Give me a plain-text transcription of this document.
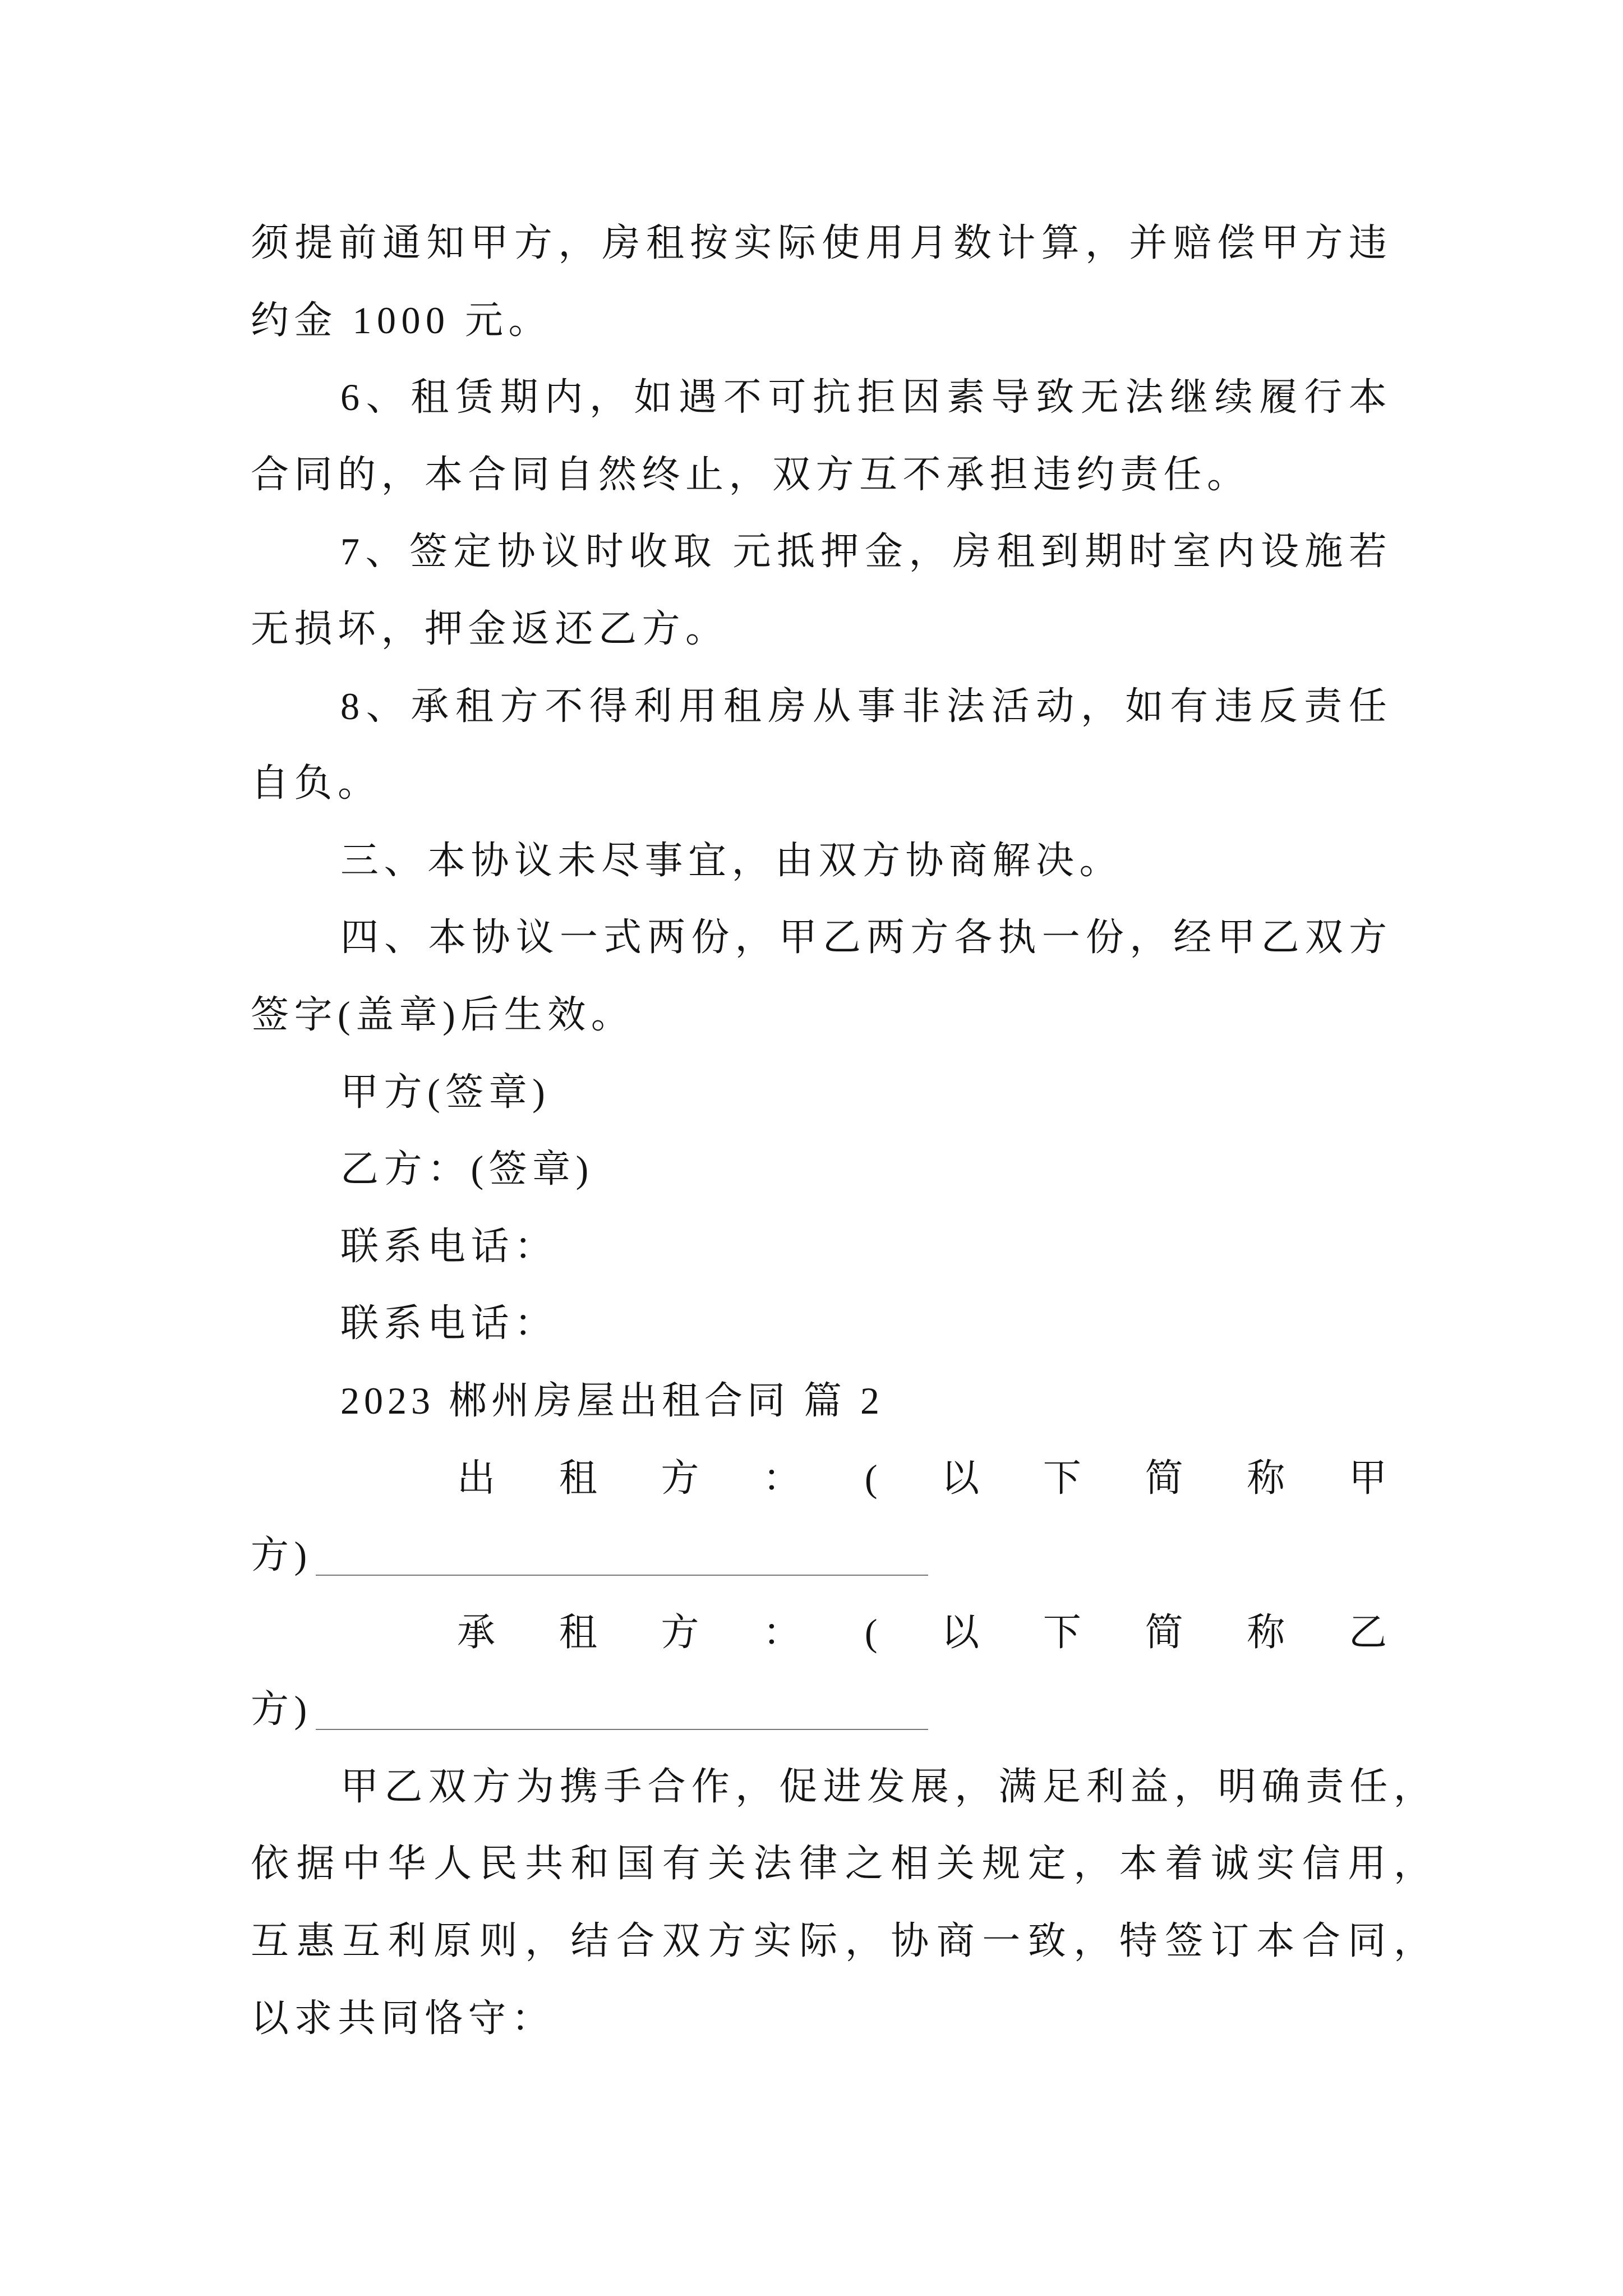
须 提 前 通 知 甲 方 ， 房 租 按 实 际 使 用 月 数 计 算 ， 并 赔 偿 甲 方 违
约金 1000 元。
6 、 租 赁 期 内 ， 如 遇 不 可 抗 拒 因 素 导 致 无 法 继 续 履 行 本
合同的，本合同自然终止，双方互不承担违约责任。
7 、 签 定 协 议 时 收 取
元 抵 押 金 ， 房 租 到 期 时 室 内 设 施 若
无损坏，押金返还乙方。
8 、 承 租 方 不 得 利 用 租 房 从 事 非 法 活 动 ， 如 有 违 反 责 任
自负。
三、本协议未尽事宜，由双方协商解决。
四 、 本 协 议 一 式 两 份 ， 甲 乙 两 方 各 执 一 份 ， 经 甲 乙 双 方
签字(盖章)后生效。
甲方(签章)
乙方：(签章)
联系电话：
联系电话：
2023 郴州房屋出租合同 篇 2
出 租 方 ： ( 以 下 简 称 甲
方)
承 租 方 ： ( 以 下 简 称 乙
方)
甲 乙 双 方 为 携 手 合 作 ， 促 进 发 展 ， 满 足 利 益 ， 明 确 责 任 ，
依 据 中 华 人 民 共 和 国 有 关 法 律 之 相 关 规 定 ， 本 着 诚 实 信 用 ，
互 惠 互 利 原 则 ， 结 合 双 方 实 际 ， 协 商 一 致 ， 特 签 订 本 合 同 ，
以求共同恪守：
